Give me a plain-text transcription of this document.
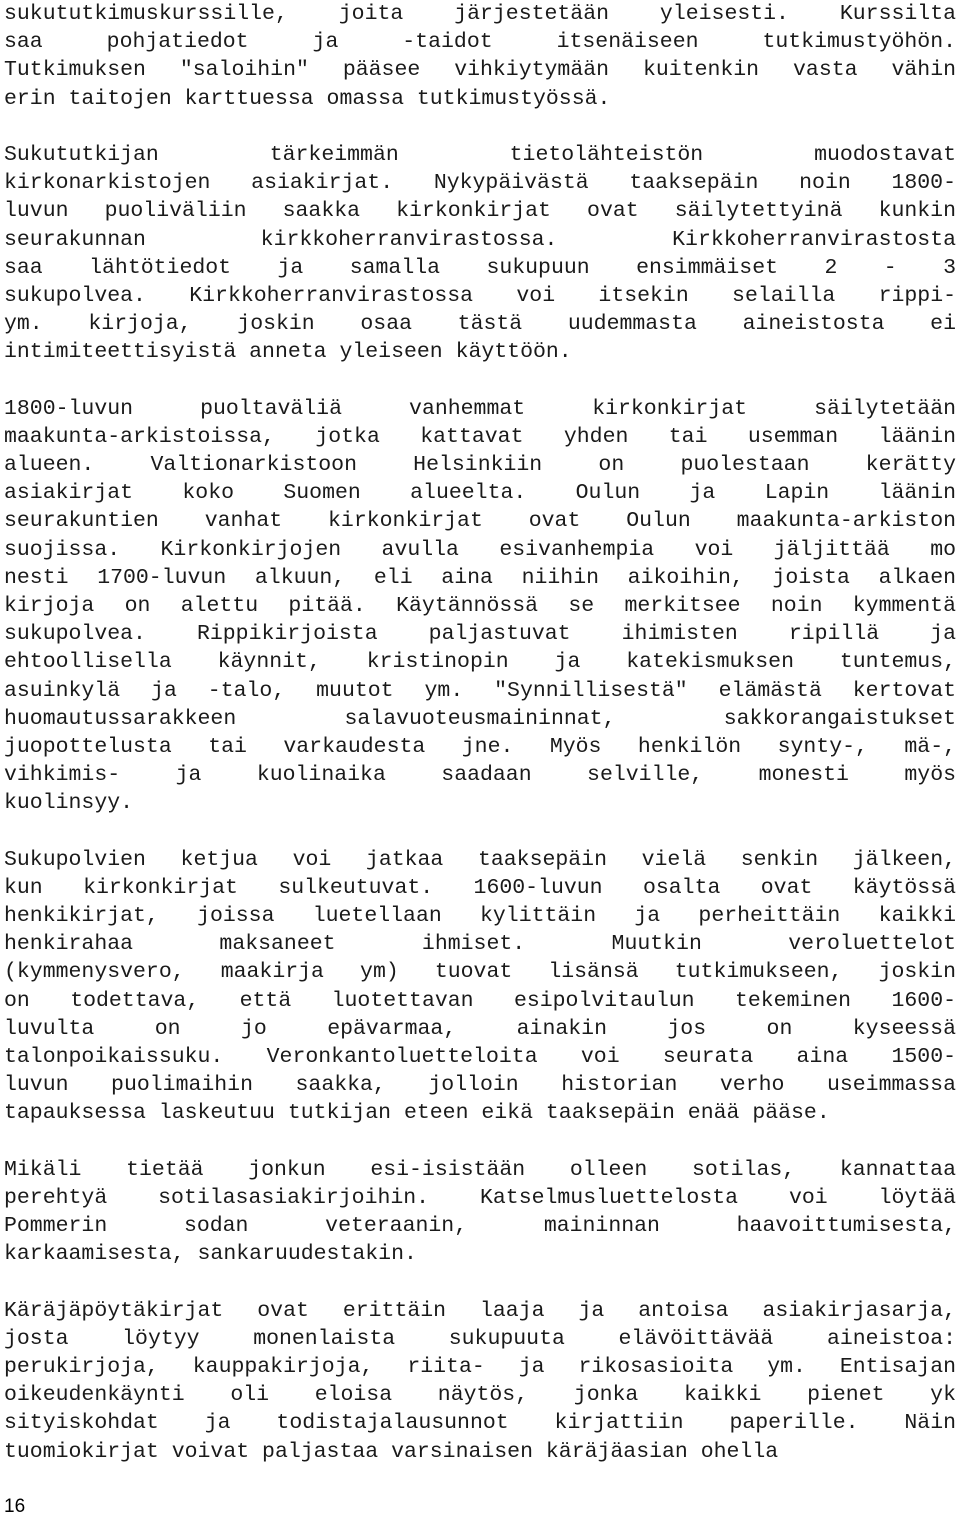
sukututkimuskurssille, joita järjestetään yleisesti. Kurssilta
saa pohjatiedot ja -taidot itsenäiseen tutkimustyöhön.
Tutkimuksen "saloihin" pääsee vihkiytymään kuitenkin vasta vähin
erin taitojen karttuessa omassa tutkimustyössä.
Sukututkijan tärkeimmän tietolähteistön muodostavat
kirkonarkistojen asiakirjat. Nykypäivästä taaksepäin noin 1800-
luvun puoliväliin saakka kirkonkirjat ovat säilytettyinä kunkin
seurakunnan kirkkoherranvirastossa. Kirkkoherranvirastosta
saa lähtötiedot ja samalla sukupuun ensimmäiset 2 - 3
sukupolvea. Kirkkoherranvirastossa voi itsekin selailla rippi-
ym. kirjoja, joskin osaa tästä uudemmasta aineistosta ei
intimiteettisyistä anneta yleiseen käyttöön.
1800-luvun puoltaväliä vanhemmat kirkonkirjat säilytetään
maakunta-arkistoissa, jotka kattavat yhden tai usemman läänin
alueen. Valtionarkistoon Helsinkiin on puolestaan kerätty
asiakirjat koko Suomen alueelta. Oulun ja Lapin läänin
seurakuntien vanhat kirkonkirjat ovat Oulun maakunta-arkiston
suojissa. Kirkonkirjojen avulla esivanhempia voi jäljittää mo
nesti 1700-luvun alkuun, eli aina niihin aikoihin, joista alkaen
kirjoja on alettu pitää. Käytännössä se merkitsee noin kymmentä
sukupolvea. Rippikirjoista paljastuvat ihimisten ripillä ja
ehtoollisella käynnit, kristinopin ja katekismuksen tuntemus,
asuinkylä ja -talo, muutot ym. "Synnillisestä" elämästä kertovat
huomautussarakkeen salavuoteusmaininnat, sakkorangaistukset
juopottelusta tai varkaudesta jne. Myös henkilön synty-, mä-,
vihkimis- ja kuolinaika saadaan selville, monesti myös
kuolinsyy.
Sukupolvien ketjua voi jatkaa taaksepäin vielä senkin jälkeen,
kun kirkonkirjat sulkeutuvat. 1600-luvun osalta ovat käytössä
henkikirjat, joissa luetellaan kylittäin ja perheittäin kaikki
henkirahaa maksaneet ihmiset. Muutkin veroluettelot
(kymmenysvero, maakirja ym) tuovat lisänsä tutkimukseen, joskin
on todettava, että luotettavan esipolvitaulun tekeminen 1600-
luvulta on jo epävarmaa, ainakin jos on kyseessä
talonpoikaissuku. Veronkantoluetteloita voi seurata aina 1500-
luvun puolimaihin saakka, jolloin historian verho useimmassa
tapauksessa laskeutuu tutkijan eteen eikä taaksepäin enää pääse.
Mikäli tietää jonkun esi-isistään olleen sotilas, kannattaa
perehtyä sotilasasiakirjoihin. Katselmusluettelosta voi löytää
Pommerin sodan veteraanin, maininnan haavoittumisesta,
karkaamisesta, sankaruudestakin.
Käräjäpöytäkirjat ovat erittäin laaja ja antoisa asiakirjasarja,
josta löytyy monenlaista sukupuuta elävöittävää aineistoa:
perukirjoja, kauppakirjoja, riita- ja rikosasioita ym. Entisajan
oikeudenkäynti oli eloisa näytös, jonka kaikki pienet yk
sityiskohdat ja todistajalausunnot kirjattiin paperille. Näin
tuomiokirjat voivat paljastaa varsinaisen käräjäasian ohella
16
